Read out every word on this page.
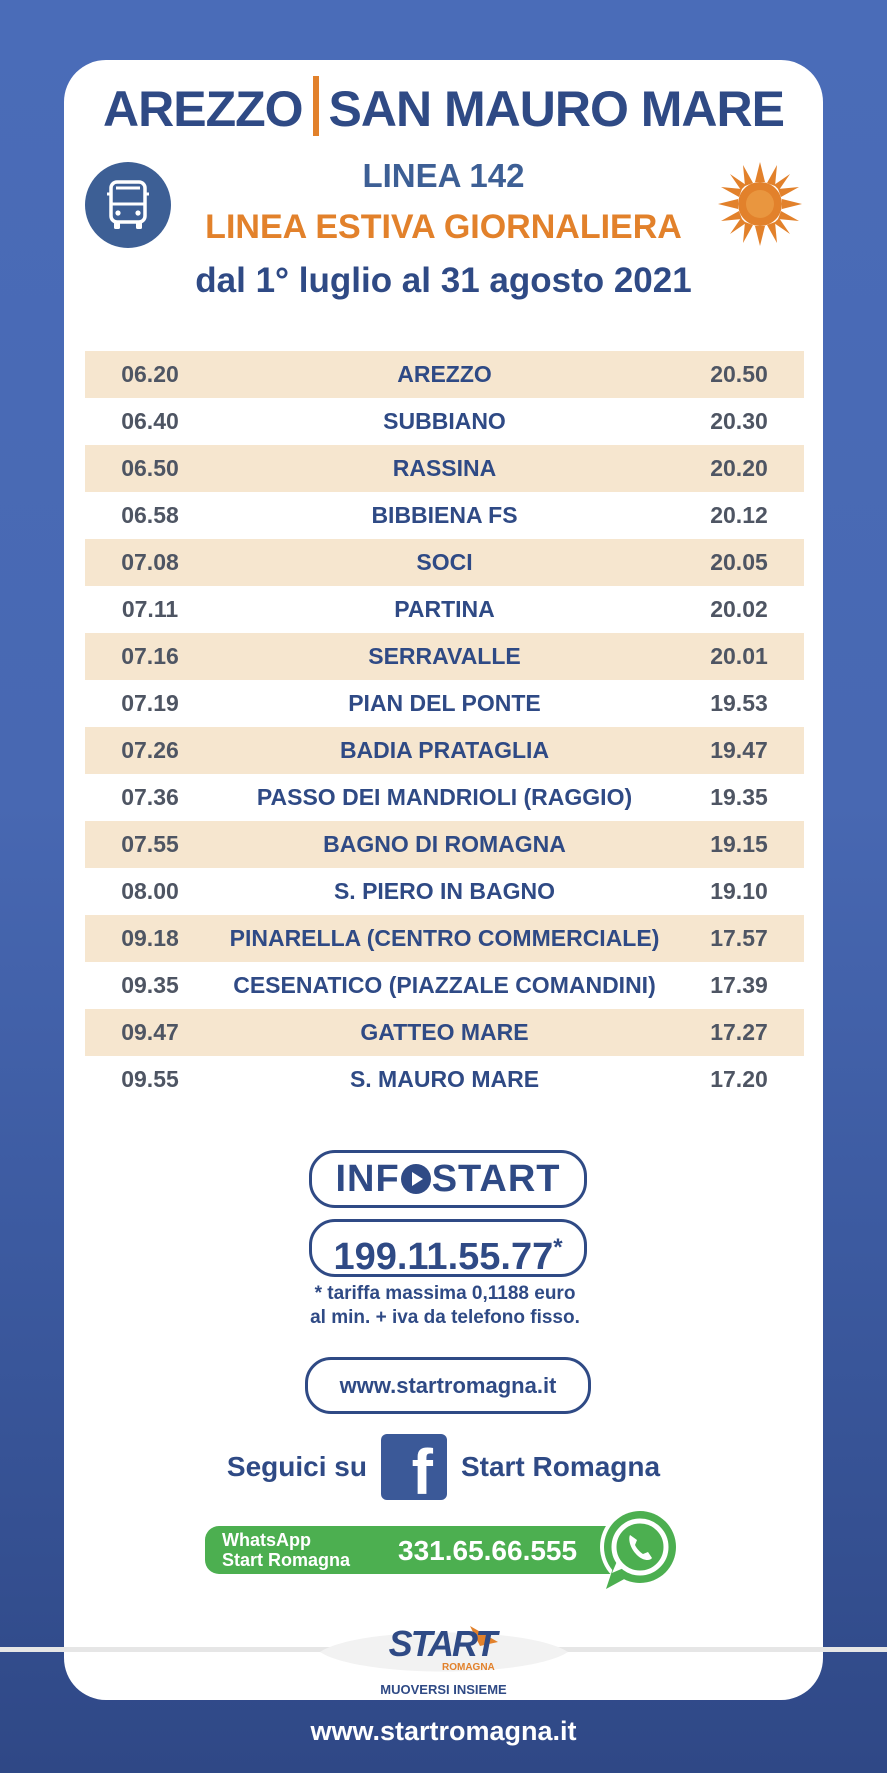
AREZZO SAN MAURO MARE
LINEA 142
LINEA ESTIVA GIORNALIERA
dal 1° luglio al 31 agosto 2021
06.20	AREZZO	20.50
06.40	SUBBIANO	20.30
06.50	RASSINA	20.20
06.58	BIBBIENA FS	20.12
07.08	SOCI	20.05
07.11	PARTINA	20.02
07.16	SERRAVALLE	20.01
07.19	PIAN DEL PONTE	19.53
07.26	BADIA PRATAGLIA	19.47
07.36	PASSO DEI MANDRIOLI (RAGGIO)	19.35
07.55	BAGNO DI ROMAGNA	19.15
08.00	S. PIERO IN BAGNO	19.10
09.18	PINARELLA (CENTRO COMMERCIALE)	17.57
09.35	CESENATICO (PIAZZALE COMANDINI)	17.39
09.47	GATTEO MARE	17.27
09.55	S. MAURO MARE	17.20
INF START
199.11.55.77*
* tariffa massima 0,1188 euro
al min. + iva da telefono fisso.
www.startromagna.it
Seguici su f Start Romagna
WhatsApp
Start Romagna	331.65.66.555
START
ROMAGNA
MUOVERSI INSIEME
www.startromagna.it
